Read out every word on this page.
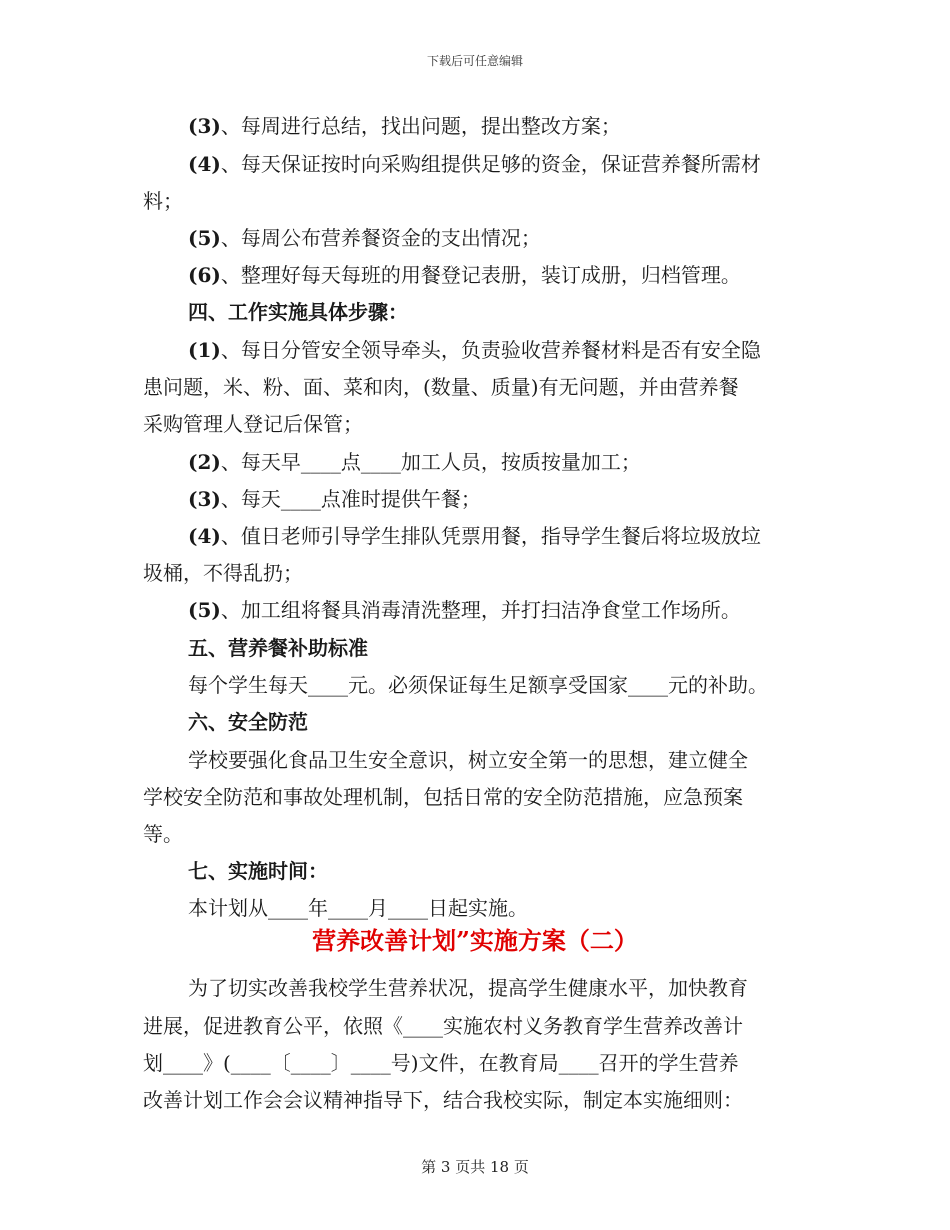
下载后可任意编辑
(3)、每周进行总结，找出问题，提出整改方案；
(4)、每天保证按时向采购组提供足够的资金，保证营养餐所需材
料；
(5)、每周公布营养餐资金的支出情况；
(6)、整理好每天每班的用餐登记表册，装订成册，归档管理。
四、工作实施具体步骤：
(1)、每日分管安全领导牵头，负责验收营养餐材料是否有安全隐
患问题，米、粉、面、菜和肉，(数量、质量)有无问题，并由营养餐
采购管理人登记后保管；
(2)、每天早____点____加工人员，按质按量加工；
(3)、每天____点准时提供午餐；
(4)、值日老师引导学生排队凭票用餐，指导学生餐后将垃圾放垃
圾桶，不得乱扔；
(5)、加工组将餐具消毒清洗整理，并打扫洁净食堂工作场所。
五、营养餐补助标准
每个学生每天____元。必须保证每生足额享受国家____元的补助。
六、安全防范
学校要强化食品卫生安全意识，树立安全第一的思想，建立健全
学校安全防范和事故处理机制，包括日常的安全防范措施，应急预案
等。
七、实施时间：
本计划从____年____月____日起实施。
营养改善计划”实施方案（二）
为了切实改善我校学生营养状况，提高学生健康水平，加快教育
进展，促进教育公平，依照《____实施农村义务教育学生营养改善计
划____》(____〔____〕____号)文件，在教育局____召开的学生营养
改善计划工作会会议精神指导下，结合我校实际，制定本实施细则：
第 3 页共 18 页
